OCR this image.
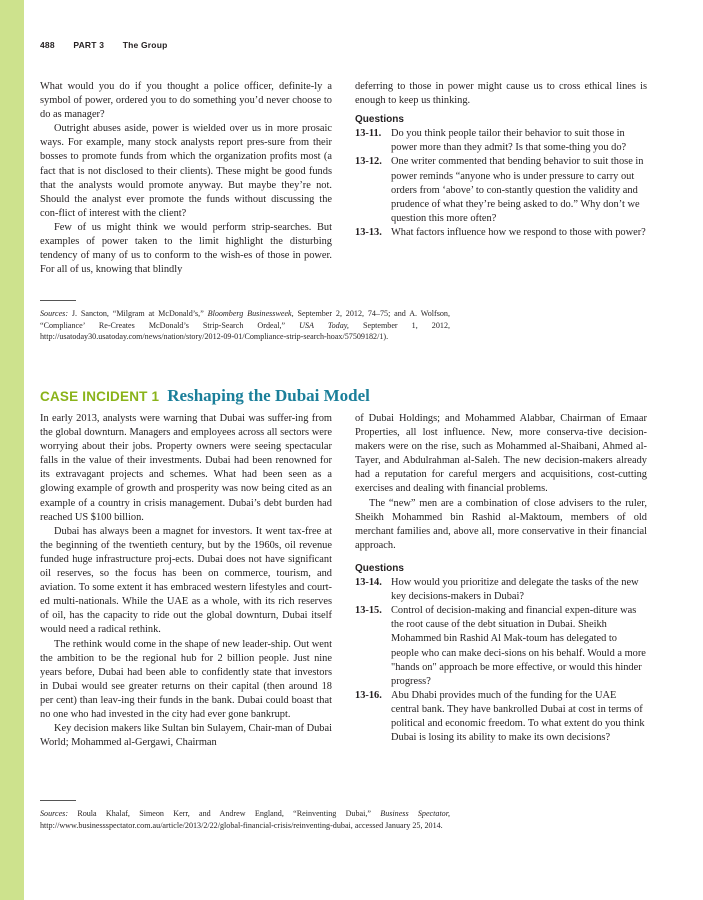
488 PART 3 The Group

What would you do if you thought a police officer, definite-ly a symbol of power, ordered you to do something you’d never choose to do as manager?

Outright abuses aside, power is wielded over us in more prosaic ways. For example, many stock analysts report pres-sure from their bosses to promote funds from which the organization profits most (a fact that is not disclosed to their clients). These might be good funds that the analysts would promote anyway. But maybe they’re not. Should the analyst ever promote the funds without discussing the con-flict of interest with the client?

Few of us might think we would perform strip-searches. But examples of power taken to the limit highlight the disturbing tendency of many of us to conform to the wish-es of those in power. For all of us, knowing that blindly

deferring to those in power might cause us to cross ethical lines is enough to keep us thinking.

Questions
13-11. Do you think people tailor their behavior to suit those in power more than they admit? Is that some-thing you do?
13-12. One writer commented that bending behavior to suit those in power reminds “anyone who is under pressure to carry out orders from ‘above’ to con-stantly question the validity and prudence of what they’re being asked to do.” Why don’t we question this more often?
13-13. What factors influence how we respond to those with power?
Sources: J. Sancton, “Milgram at McDonald’s,” Bloomberg Businessweek, September 2, 2012, 74–75; and A. Wolfson, “Compliance’ Re-Creates McDonald’s Strip-Search Ordeal,” USA Today, September 1, 2012, http://usatoday30.usatoday.com/news/nation/story/2012-09-01/Compliance-strip-search-hoax/57509182/1).
CASE INCIDENT 1 Reshaping the Dubai Model

In early 2013, analysts were warning that Dubai was suffer-ing from the global downturn. Managers and employees across all sectors were worrying about their jobs. Property owners were seeing spectacular falls in the value of their investments. Dubai had been renowned for its extravagant projects and schemes. What had been seen as a glowing example of growth and prosperity was now being cited as an example of a country in crisis management. Dubai’s debt burden had reached US $100 billion.

Dubai has always been a magnet for investors. It went tax-free at the beginning of the twentieth century, but by the 1960s, oil revenue funded huge infrastructure proj-ects. Dubai does not have significant oil reserves, so the focus has been on commerce, tourism, and aviation. To some extent it has embraced western lifestyles and court-ed multi-nationals. While the UAE as a whole, with its rich reserves of oil, has the capacity to ride out the global downturn, Dubai itself would need a radical rethink.

The rethink would come in the shape of new leader-ship. Out went the ambition to be the regional hub for 2 billion people. Just nine years before, Dubai had been able to confidently state that investors in Dubai would see greater returns on their capital (then around 18 per cent) than leav-ing their funds in the bank. Dubai could boast that no one who had invested in the city had ever gone bankrupt.

Key decision makers like Sultan bin Sulayem, Chair-man of Dubai World; Mohammed al-Gergawi, Chairman

of Dubai Holdings; and Mohammed Alabbar, Chairman of Emaar Properties, all lost influence. New, more conserva-tive decision-makers were on the rise, such as Mohammed al-Shaibani, Ahmed al-Tayer, and Abdulrahman al-Saleh. The new decision-makers already had a reputation for careful mergers and acquisitions, cost-cutting exercises and dealing with financial problems.

The “new” men are a combination of close advisers to the ruler, Sheikh Mohammed bin Rashid al-Maktoum, members of old merchant families and, above all, more conservative in their financial approach.

Questions
13-14. How would you prioritize and delegate the tasks of the new key decisions-makers in Dubai?
13-15. Control of decision-making and financial expen-diture was the root cause of the debt situation in Dubai. Sheikh Mohammed bin Rashid Al Mak-toum has delegated to people who can make deci-sions on his behalf. Would a more "hands on" approach be more effective, or would this hinder progress?
13-16. Abu Dhabi provides much of the funding for the UAE central bank. They have bankrolled Dubai at cost in terms of political and economic freedom. To what extent do you think Dubai is losing its ability to make its own decisions?
Sources: Roula Khalaf, Simeon Kerr, and Andrew England, “Reinventing Dubai,” Business Spectator, http://www.businessspectator.com.au/article/2013/2/22/global-financial-crisis/reinventing-dubai, accessed January 25, 2014.
